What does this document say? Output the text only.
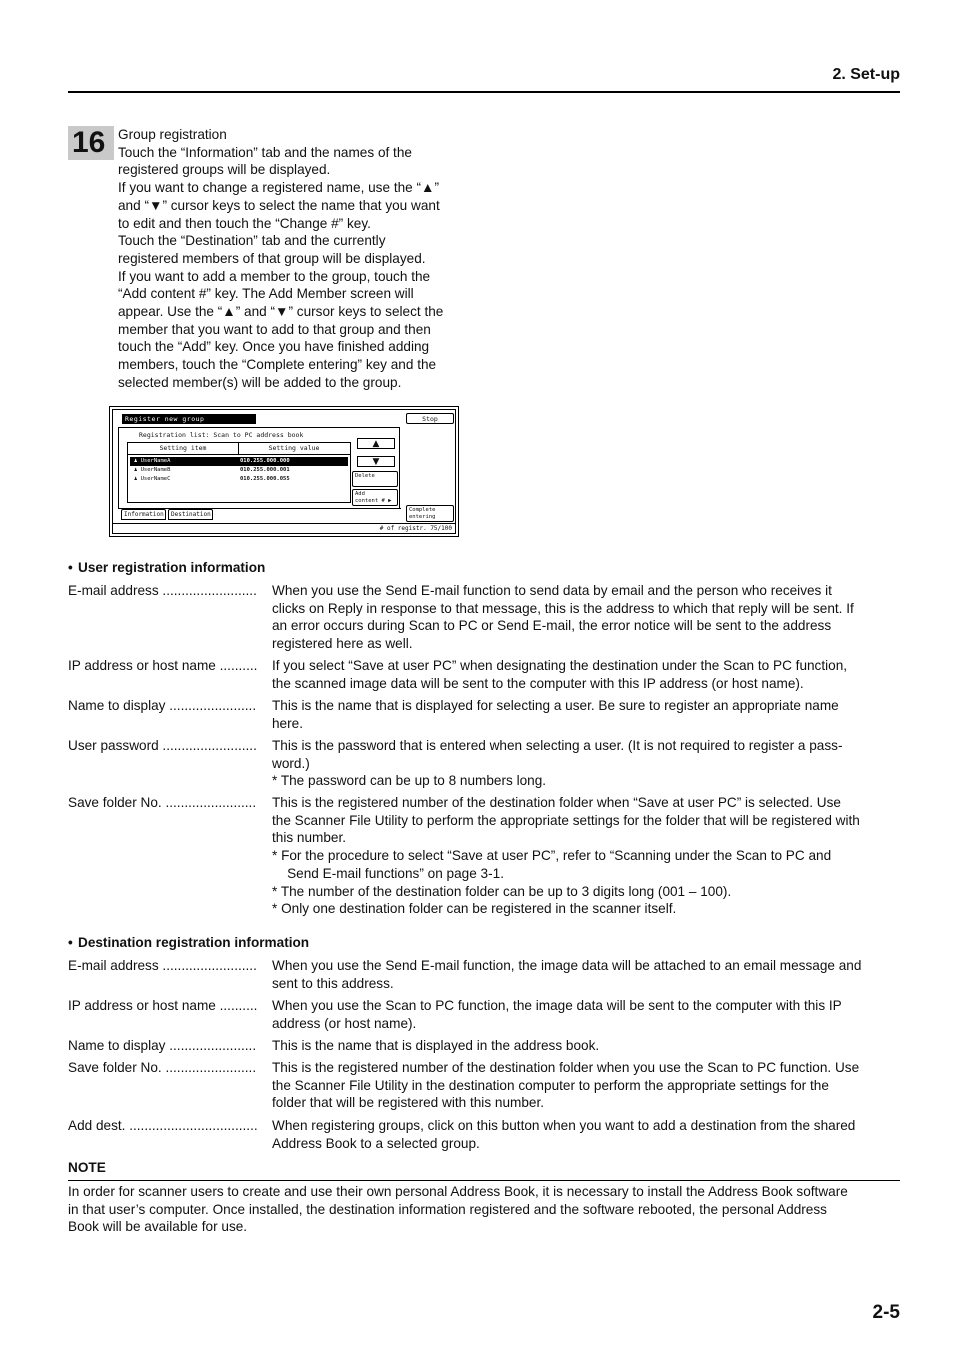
2. Set-up
16 Group registration
Touch the “Information” tab and the names of the
registered groups will be displayed.
If you want to change a registered name, use the “▲”
and “▼” cursor keys to select the name that you want
to edit and then touch the “Change #” key.
Touch the “Destination” tab and the currently
registered members of that group will be displayed.
If you want to add a member to the group, touch the
“Add content #” key. The Add Member screen will
appear. Use the “▲” and “▼” cursor keys to select the
member that you want to add to that group and then
touch the “Add” key. Once you have finished adding
members, touch the “Complete entering” key and the
selected member(s) will be added to the group.
Register new group	Stop
Registration list: Scan to PC address book
Setting item	Setting value
♟ UserNameA	010.255.000.000
♟ UserNameB	010.255.000.001
♟ UserNameC	010.255.000.055
▲
▼
Delete
Add
content # ▶
Complete
entering
Information	Destination
# of registr. 75/100
• User registration information
E-mail address ......................... When you use the Send E-mail function to send data by email and the person who receives it
clicks on Reply in response to that message, this is the address to which that reply will be sent. If
an error occurs during Scan to PC or Send E-mail, the error notice will be sent to the address
registered here as well.
IP address or host name .......... If you select “Save at user PC” when designating the destination under the Scan to PC function,
the scanned image data will be sent to the computer with this IP address (or host name).
Name to display ....................... This is the name that is displayed for selecting a user. Be sure to register an appropriate name
here.
User password ......................... This is the password that is entered when selecting a user. (It is not required to register a pass-
word.)
* The password can be up to 8 numbers long.
Save folder No. ........................ This is the registered number of the destination folder when “Save at user PC” is selected. Use
the Scanner File Utility to perform the appropriate settings for the folder that will be registered with
this number.
* For the procedure to select “Save at user PC”, refer to “Scanning under the Scan to PC and
Send E-mail functions” on page 3-1.
* The number of the destination folder can be up to 3 digits long (001 – 100).
* Only one destination folder can be registered in the scanner itself.
• Destination registration information
E-mail address ......................... When you use the Send E-mail function, the image data will be attached to an email message and
sent to this address.
IP address or host name .......... When you use the Scan to PC function, the image data will be sent to the computer with this IP
address (or host name).
Name to display ....................... This is the name that is displayed in the address book.
Save folder No. ........................ This is the registered number of the destination folder when you use the Scan to PC function. Use
the Scanner File Utility in the destination computer to perform the appropriate settings for the
folder that will be registered with this number.
Add dest. .................................. When registering groups, click on this button when you want to add a destination from the shared
Address Book to a selected group.
NOTE
In order for scanner users to create and use their own personal Address Book, it is necessary to install the Address Book software
in that user’s computer. Once installed, the destination information registered and the software rebooted, the personal Address
Book will be available for use.
2-5
